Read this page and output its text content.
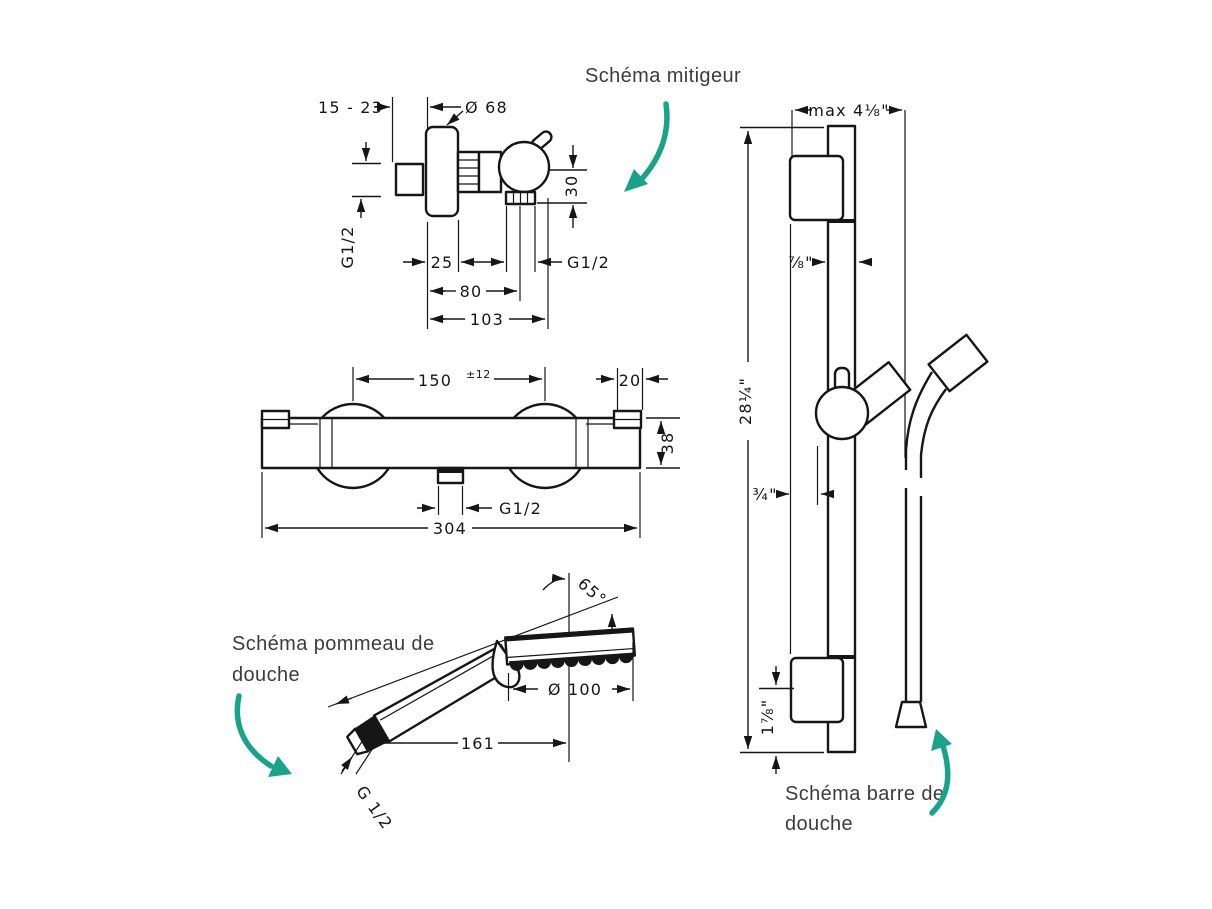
15 - 23	Ø 68
G1/2
30
25	G1/2
80
103
150 ±12	20
38
G1/2
304
65°
Ø 100
161
G 1/2
max 4⅛"
28¼"
⅞"
¾"
1⅞"
Schéma mitigeur
Schéma pommeau de
douche
Schéma barre de
douche
